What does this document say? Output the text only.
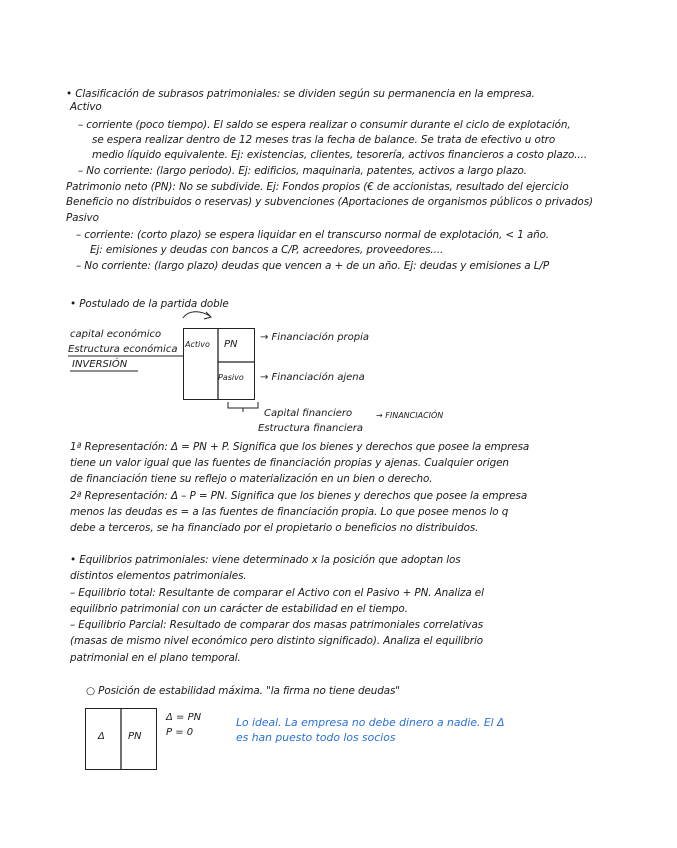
• Clasificación de subrasos patrimoniales: se dividen según su permanencia en la empresa.
Activo
– corriente (poco tiempo). El saldo se espera realizar o consumir durante el ciclo de explotación,
se espera realizar dentro de 12 meses tras la fecha de balance. Se trata de efectivo u otro
medio líquido equivalente. Ej: existencias, clientes, tesorería, activos financieros a costo plazo....
– No corriente: (largo periodo). Ej: edificios, maquinaria, patentes, activos a largo plazo.
Patrimonio neto (PN): No se subdivide. Ej: Fondos propios (€ de accionistas, resultado del ejercicio
Beneficio no distribuidos o reservas) y subvenciones (Aportaciones de organismos públicos o privados)
Pasivo
– corriente: (corto plazo) se espera liquidar en el transcurso normal de explotación, < 1 año.
Ej: emisiones y deudas con bancos a C/P, acreedores, proveedores....
– No corriente: (largo plazo) deudas que vencen a + de un año. Ej: deudas y emisiones a L/P
• Postulado de la partida doble
capital económico
Estructura económica
INVERSIÓN
Activo PN
Pasivo
→ Financiación propia
→ Financiación ajena
Capital financiero
Estructura financiera
→ FINANCIACIÓN
1ª Representación: Δ = PN + P. Significa que los bienes y derechos que posee la empresa
tiene un valor igual que las fuentes de financiación propias y ajenas. Cualquier origen
de financiación tiene su reflejo o materialización en un bien o derecho.
2ª Representación: Δ – P = PN. Significa que los bienes y derechos que posee la empresa
menos las deudas es = a las fuentes de financiación propia. Lo que posee menos lo q
debe a terceros, se ha financiado por el propietario o beneficios no distribuidos.
• Equilibrios patrimoniales: viene determinado x la posición que adoptan los
distintos elementos patrimoniales.
– Equilibrio total: Resultante de comparar el Activo con el Pasivo + PN. Analiza el
equilibrio patrimonial con un carácter de estabilidad en el tiempo.
– Equilibrio Parcial: Resultado de comparar dos masas patrimoniales correlativas
(masas de mismo nivel económico pero distinto significado). Analiza el equilibrio
patrimonial en el plano temporal.
○ Posición de estabilidad máxima. "la firma no tiene deudas"
Δ PN
Δ = PN
P = 0
Lo ideal. La empresa no debe dinero a nadie. El Δ
es han puesto todo los socios
